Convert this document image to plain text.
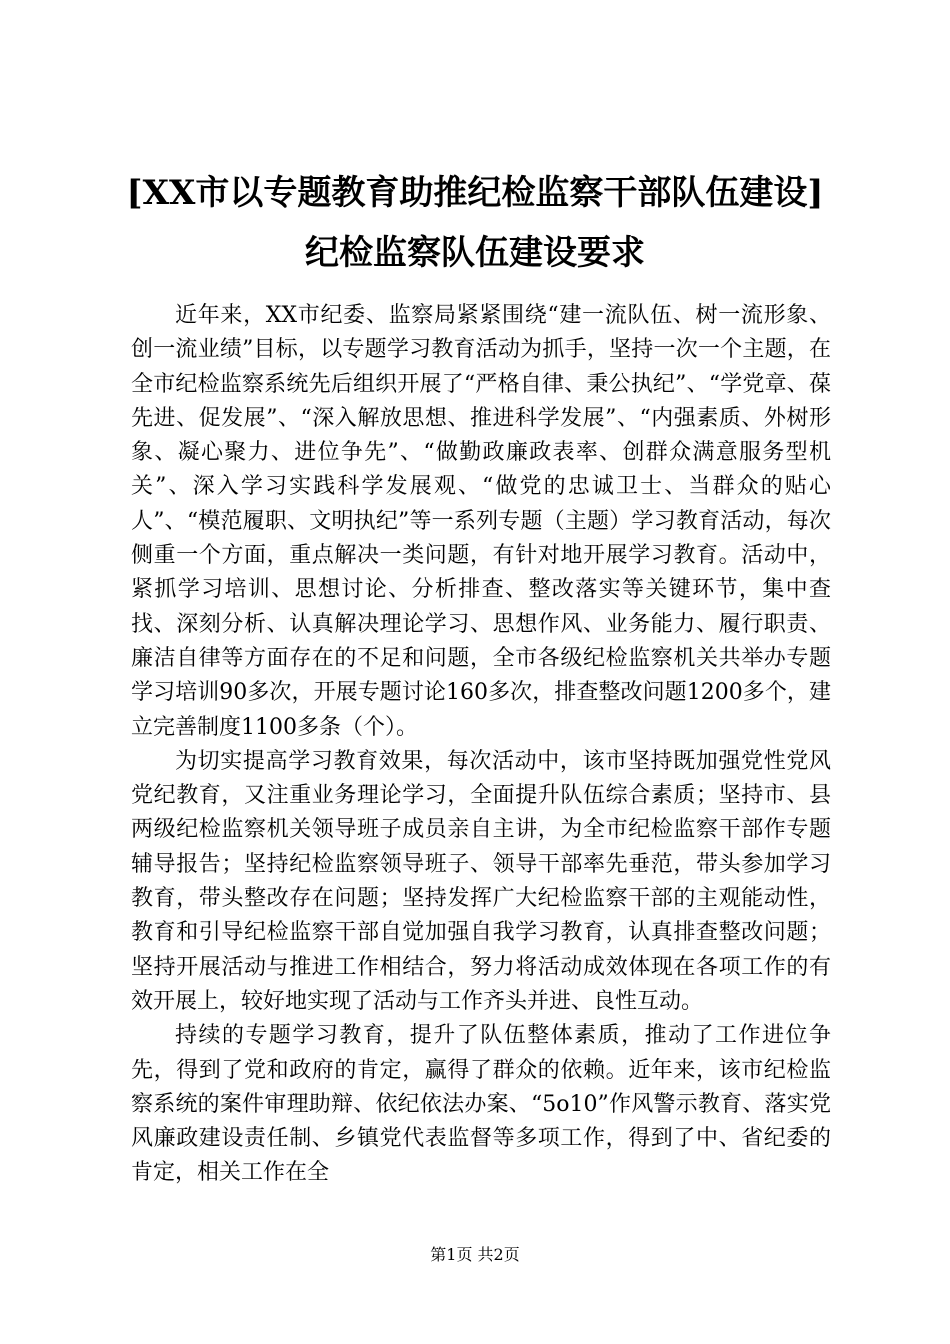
[XX市以专题教育助推纪检监察干部队伍建设]纪检监察队伍建设要求

近年来，XX市纪委、监察局紧紧围绕“建一流队伍、树一流形象、创一流业绩”目标，以专题学习教育活动为抓手，坚持一次一个主题，在全市纪检监察系统先后组织开展了“严格自律、秉公执纪”、“学党章、葆先进、促发展”、“深入解放思想、推进科学发展”、“内强素质、外树形象、凝心聚力、进位争先”、“做勤政廉政表率、创群众满意服务型机关”、深入学习实践科学发展观、“做党的忠诚卫士、当群众的贴心人”、“模范履职、文明执纪”等一系列专题（主题）学习教育活动，每次侧重一个方面，重点解决一类问题，有针对地开展学习教育。活动中，紧抓学习培训、思想讨论、分析排查、整改落实等关键环节，集中查找、深刻分析、认真解决理论学习、思想作风、业务能力、履行职责、廉洁自律等方面存在的不足和问题，全市各级纪检监察机关共举办专题学习培训90多次，开展专题讨论160多次，排查整改问题1200多个，建立完善制度1100多条（个）。

为切实提高学习教育效果，每次活动中，该市坚持既加强党性党风党纪教育，又注重业务理论学习，全面提升队伍综合素质；坚持市、县两级纪检监察机关领导班子成员亲自主讲，为全市纪检监察干部作专题辅导报告；坚持纪检监察领导班子、领导干部率先垂范，带头参加学习教育，带头整改存在问题；坚持发挥广大纪检监察干部的主观能动性，教育和引导纪检监察干部自觉加强自我学习教育，认真排查整改问题；坚持开展活动与推进工作相结合，努力将活动成效体现在各项工作的有效开展上，较好地实现了活动与工作齐头并进、良性互动。

持续的专题学习教育，提升了队伍整体素质，推动了工作进位争先，得到了党和政府的肯定，赢得了群众的依赖。近年来，该市纪检监察系统的案件审理助辩、依纪依法办案、“5o10”作风警示教育、落实党风廉政建设责任制、乡镇党代表监督等多项工作，得到了中、省纪委的肯定，相关工作在全

第1页 共2页
